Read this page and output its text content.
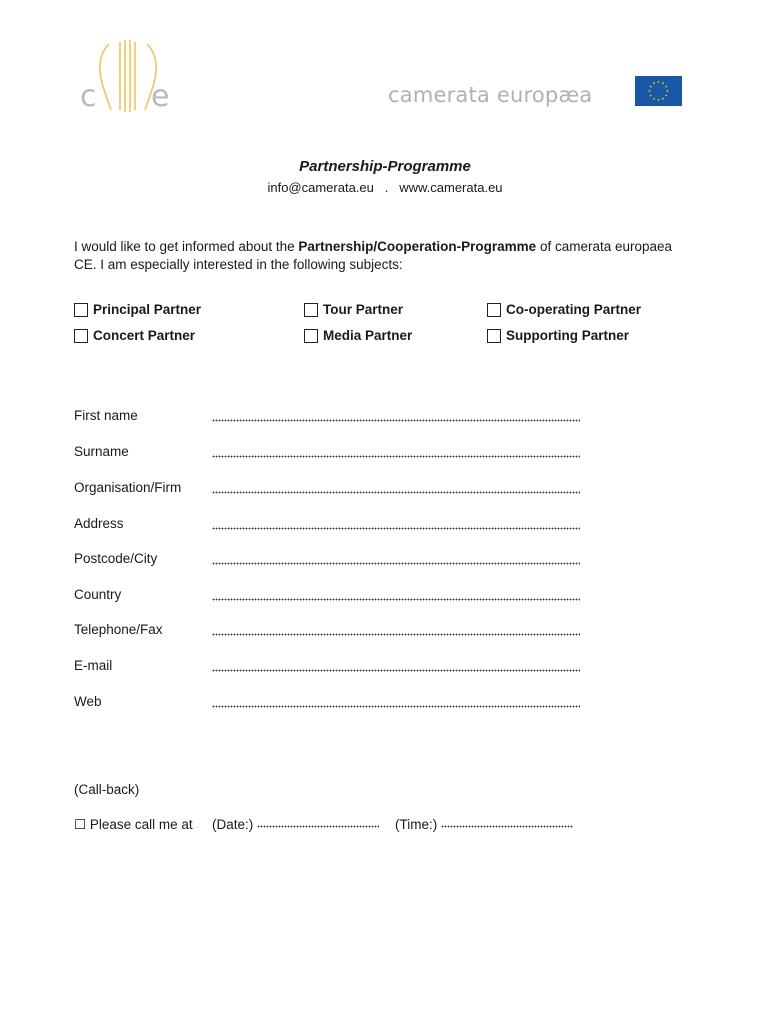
c e	camerata europæa
Partnership-Programme
info@camerata.eu . www.camerata.eu
I would like to get informed about the Partnership/Cooperation-Programme of camerata europaea CE. I am especially interested in the following subjects:
Principal Partner	Tour Partner	Co-operating Partner
Concert Partner	Media Partner	Supporting Partner
First name
Surname
Organisation/Firm
Address
Postcode/City
Country
Telephone/Fax
E-mail
Web
(Call-back)
☐ Please call me at (Date:)	(Time:)
